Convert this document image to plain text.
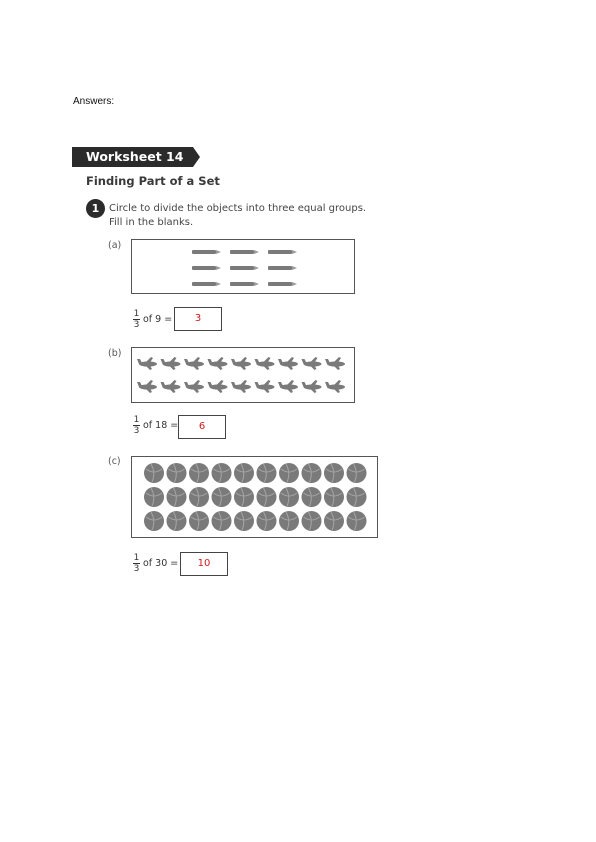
Answers:
Worksheet 14
Finding Part of a Set
1 Circle to divide the objects into three equal groups.
Fill in the blanks.
(a)
$\frac{1}{3}$ of 9 =	3
(b)
$\frac{1}{3}$ of 18 =	6
(c)
$\frac{1}{3}$ of 30 =	10
